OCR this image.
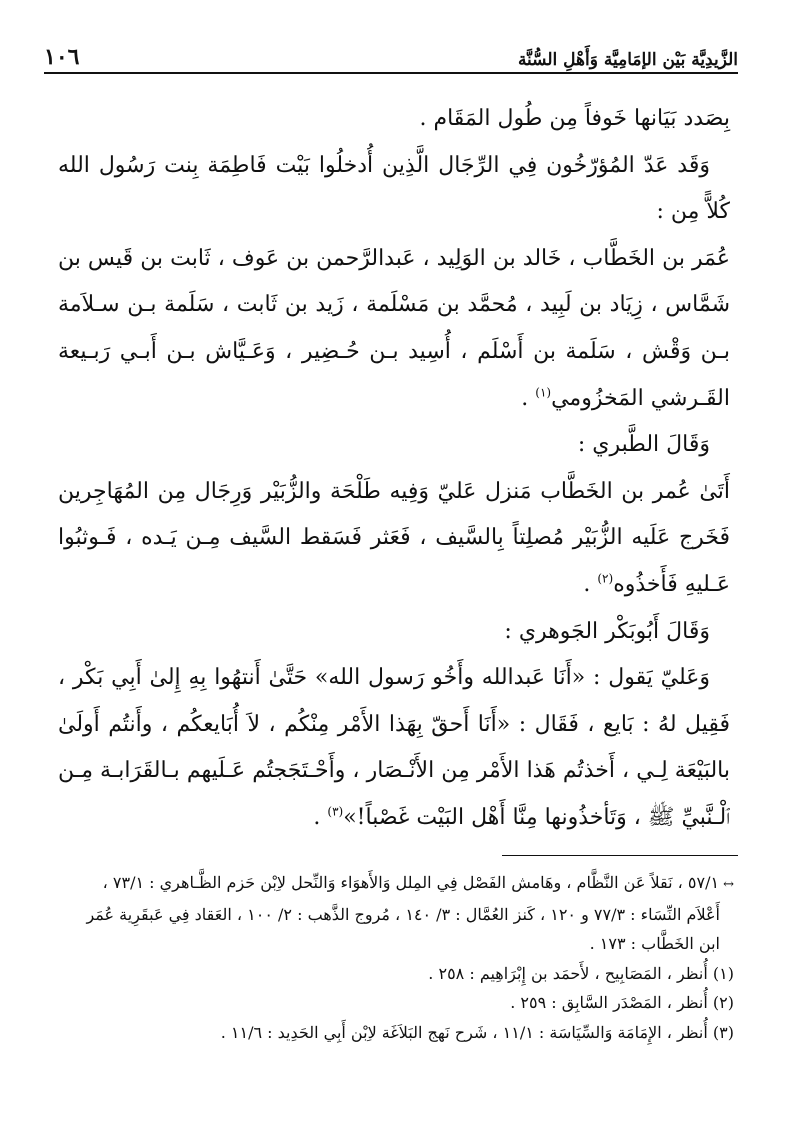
الزَّيدِيَّة بَيْن الإمَامِيَّة وَأَهْلِ السُّنَّة
١٠٦

بِصَدد بَيَانها خَوفاً مِن طُول المَقَام .

وَقَد عَدّ المُؤرّخُون فِي الرِّجَال الَّذِين أُدخلُوا بَيْت فَاطِمَة بِنت رَسُول الله كُلاًّ مِن :

عُمَر بن الخَطَّاب ، خَالد بن الوَلِيد ، عَبدالرَّحمن بن عَوف ، ثَابت بن قَيس بن شَمَّاس ، زِيَاد بن لَبِيد ، مُحمَّد بن مَسْلَمة ، زَيد بن ثَابت ، سَلَمة بـن سـلاَمة بـن وَقْش ، سَلَمة بن أَسْلَم ، أُسِيد بـن حُـضِير ، وَعَـيَّاش بـن أَبـي رَبـيعة القَـرشي المَخزُومي$^{(١)}$ .

وَقَالَ الطَّبري :

أَتَىٰ عُمر بن الخَطَّاب مَنزل عَليّ وَفِيه طَلْحَة والزُّبَيْر وَرِجَال مِن المُهَاجِرين فَخَرج عَلَيه الزُّبَيْر مُصلِتاً بِالسَّيف ، فَعَثر فَسَقط السَّيف مِـن يَـده ، فَـوثبُوا عَـليهِ فَأَخذُوه$^{(٢)}$ .

وَقَالَ أَبُوبَكْر الجَوهري :

وَعَليّ يَقول : «أَنَا عَبدالله وأَخُو رَسول الله» حَتَّىٰ أَنتهُوا بِهِ إِلىٰ أَبِي بَكْر ، فَقِيل لهُ : بَايع ، فَقَال : «أَنَا أَحقّ بِهَذا الأَمْر مِنْكُم ، لاَ أُبَايعكُم ، وأَنتُم أَولَىٰ بالبَيْعَة لِـي ، أَخذتُم هَذا الأَمْر مِن الأَنْـصَار ، وأَحْـتَجَجتُم عَـلَيهم بـالقَرَابـة مِـن ٱلْـنَّبيِّ ﷺ ، وَتَأخذُونها مِنَّا أَهْل البَيْت غَصْباً!»$^{(٣)}$ .

↔٥٧/١ ، نَقلاً عَن النَّظَّام ، وهَامش الفَصْل فِي المِلل وَالأَهوَاء وَالنِّحل لاِبْن حَزم الظَّـاهري : ٧٣/١ ،

أَعْلاَم النِّسَاء : ٧٧/٣ و ١٢٠ ، كَنز العُمَّال : ٣/ ١٤٠ ، مُروج الذَّهب : ٢/ ١٠٠ ، العَقاد فِي عَبقَرِية عُمَر

ابن الخَطَّاب : ١٧٣ .

(١) أُنظر ، المَصَابِيح ، لأَحمَد بن إِبْرَاهِيم : ٢٥٨ .

(٢) أُنظر ، المَصْدَر السَّابِق : ٢٥٩ .

(٣) أُنظر ، الإِمَامَة وَالسِّيَاسَة : ١١/١ ، شَرح نَهج البَلاَغَة لاِبْن أَبِي الحَدِيد : ١١/٦ .
